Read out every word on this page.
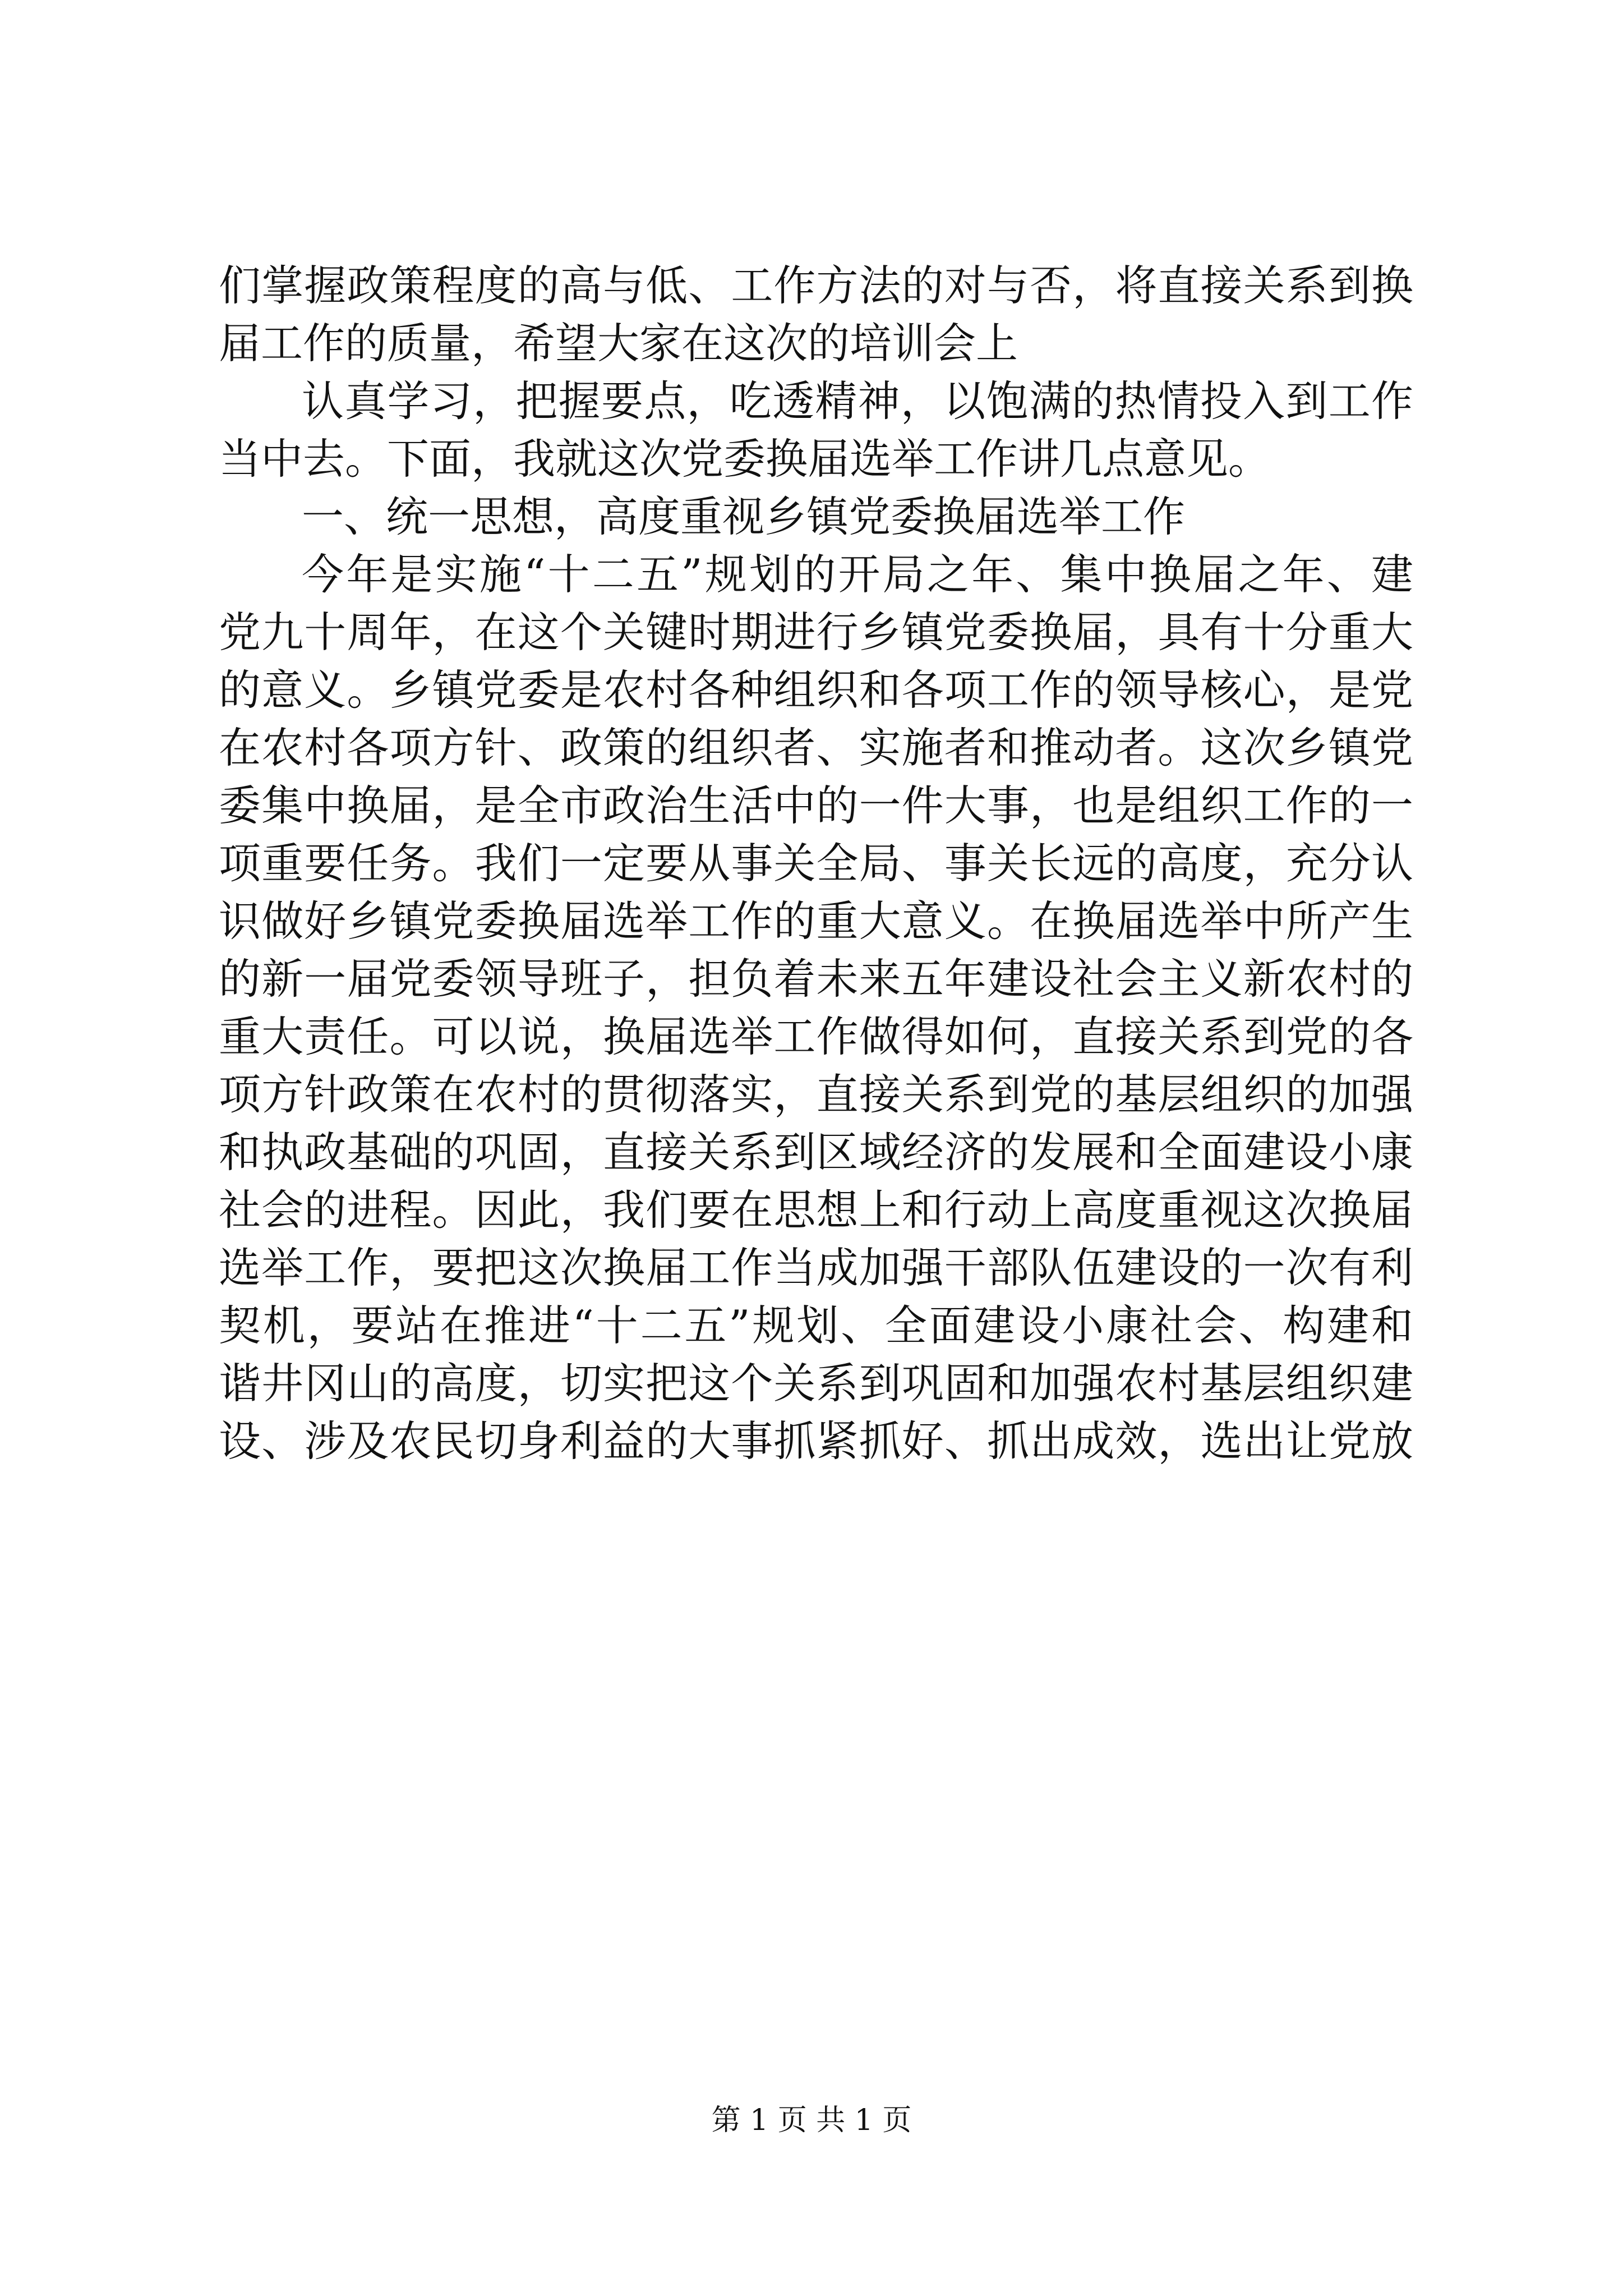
们掌握政策程度的高与低、工作方法的对与否，将直接关系到换
届工作的质量，希望大家在这次的培训会上
认真学习，把握要点，吃透精神，以饱满的热情投入到工作
当中去。下面，我就这次党委换届选举工作讲几点意见。
一、统一思想，高度重视乡镇党委换届选举工作
今年是实施“十二五”规划的开局之年、集中换届之年、建
党九十周年，在这个关键时期进行乡镇党委换届，具有十分重大
的意义。乡镇党委是农村各种组织和各项工作的领导核心，是党
在农村各项方针、政策的组织者、实施者和推动者。这次乡镇党
委集中换届，是全市政治生活中的一件大事，也是组织工作的一
项重要任务。我们一定要从事关全局、事关长远的高度，充分认
识做好乡镇党委换届选举工作的重大意义。在换届选举中所产生
的新一届党委领导班子，担负着未来五年建设社会主义新农村的
重大责任。可以说，换届选举工作做得如何，直接关系到党的各
项方针政策在农村的贯彻落实，直接关系到党的基层组织的加强
和执政基础的巩固，直接关系到区域经济的发展和全面建设小康
社会的进程。因此，我们要在思想上和行动上高度重视这次换届
选举工作，要把这次换届工作当成加强干部队伍建设的一次有利
契机，要站在推进“十二五”规划、全面建设小康社会、构建和
谐井冈山的高度，切实把这个关系到巩固和加强农村基层组织建
设、涉及农民切身利益的大事抓紧抓好、抓出成效，选出让党放
第 1 页 共 1 页
